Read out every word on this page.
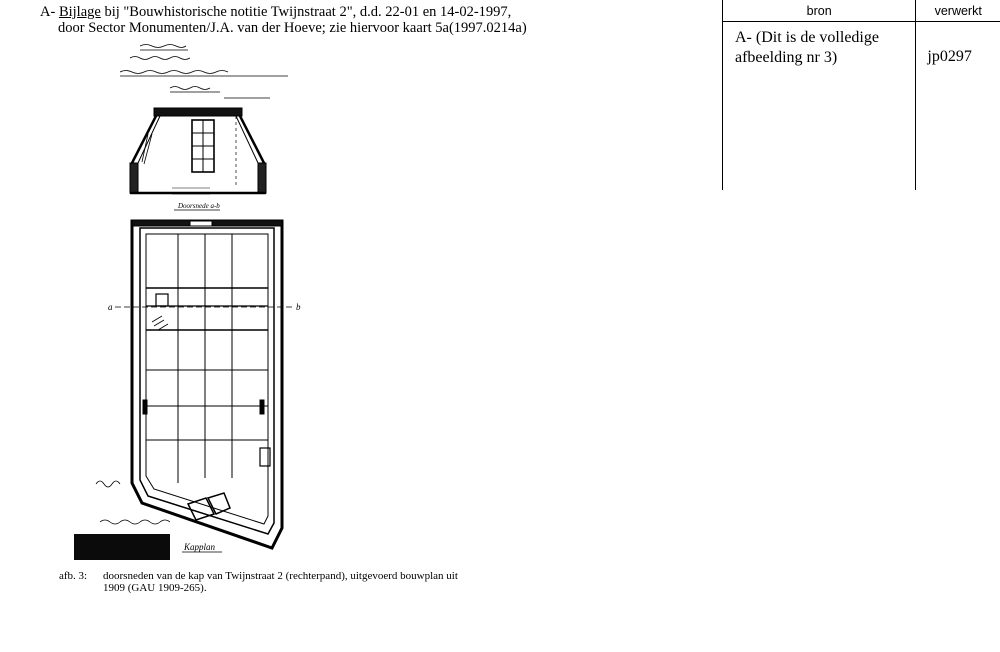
A- Bijlage bij "Bouwhistorische notitie Twijnstraat 2", d.d. 22-01 en 14-02-1997,
door Sector Monumenten/J.A. van der Hoeve; zie hiervoor kaart 5a(1997.0214a)
bron	verwerkt
A- (Dit is de volledige afbeelding nr 3)	jp0297
Doorsnede a-b
a	b
Kapplan
afb. 3: doorsneden van de kap van Twijnstraat 2 (rechterpand), uitgevoerd bouwplan uit
1909 (GAU 1909-265).
